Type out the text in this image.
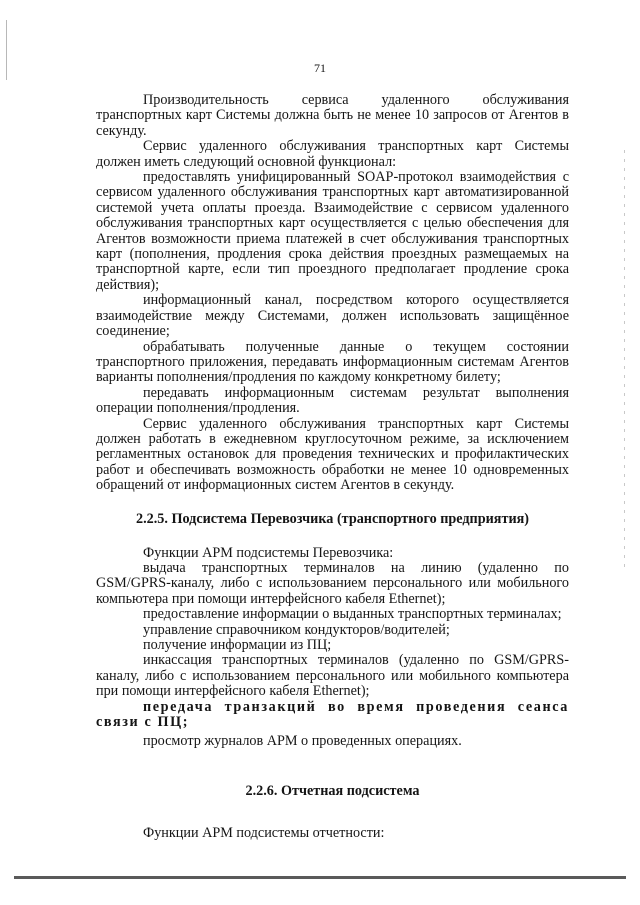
71

Производительность сервиса удаленного обслуживания транспортных карт Системы должна быть не менее 10 запросов от Агентов в секунду.

Сервис удаленного обслуживания транспортных карт Системы должен иметь следующий основной функционал:

предоставлять унифицированный SOAP-протокол взаимодействия с сервисом удаленного обслуживания транспортных карт автоматизированной системой учета оплаты проезда. Взаимодействие с сервисом удаленного обслуживания транспортных карт осуществляется с целью обеспечения для Агентов возможности приема платежей в счет обслуживания транспортных карт (пополнения, продления срока действия проездных размещаемых на транспортной карте, если тип проездного предполагает продление срока действия);

информационный канал, посредством которого осуществляется взаимодействие между Системами, должен использовать защищённое соединение;

обрабатывать полученные данные о текущем состоянии транспортного приложения, передавать информационным системам Агентов варианты пополнения/продления по каждому конкретному билету;

передавать информационным системам результат выполнения операции пополнения/продления.

Сервис удаленного обслуживания транспортных карт Системы должен работать в ежедневном круглосуточном режиме, за исключением регламентных остановок для проведения технических и профилактических работ и обеспечивать возможность обработки не менее 10 одновременных обращений от информационных систем Агентов в секунду.

2.2.5. Подсистема Перевозчика (транспортного предприятия)

Функции АРМ подсистемы Перевозчика:

выдача транспортных терминалов на линию (удаленно по GSM/GPRS-каналу, либо с использованием персонального или мобильного компьютера при помощи интерфейсного кабеля Ethernet);

предоставление информации о выданных транспортных терминалах;

управление справочником кондукторов/водителей;

получение информации из ПЦ;

инкассация транспортных терминалов (удаленно по GSM/GPRS-каналу, либо с использованием персонального или мобильного компьютера при помощи интерфейсного кабеля Ethernet);

передача транзакций во время проведения сеанса связи с ПЦ;

просмотр журналов АРМ о проведенных операциях.

2.2.6. Отчетная подсистема

Функции АРМ подсистемы отчетности:
